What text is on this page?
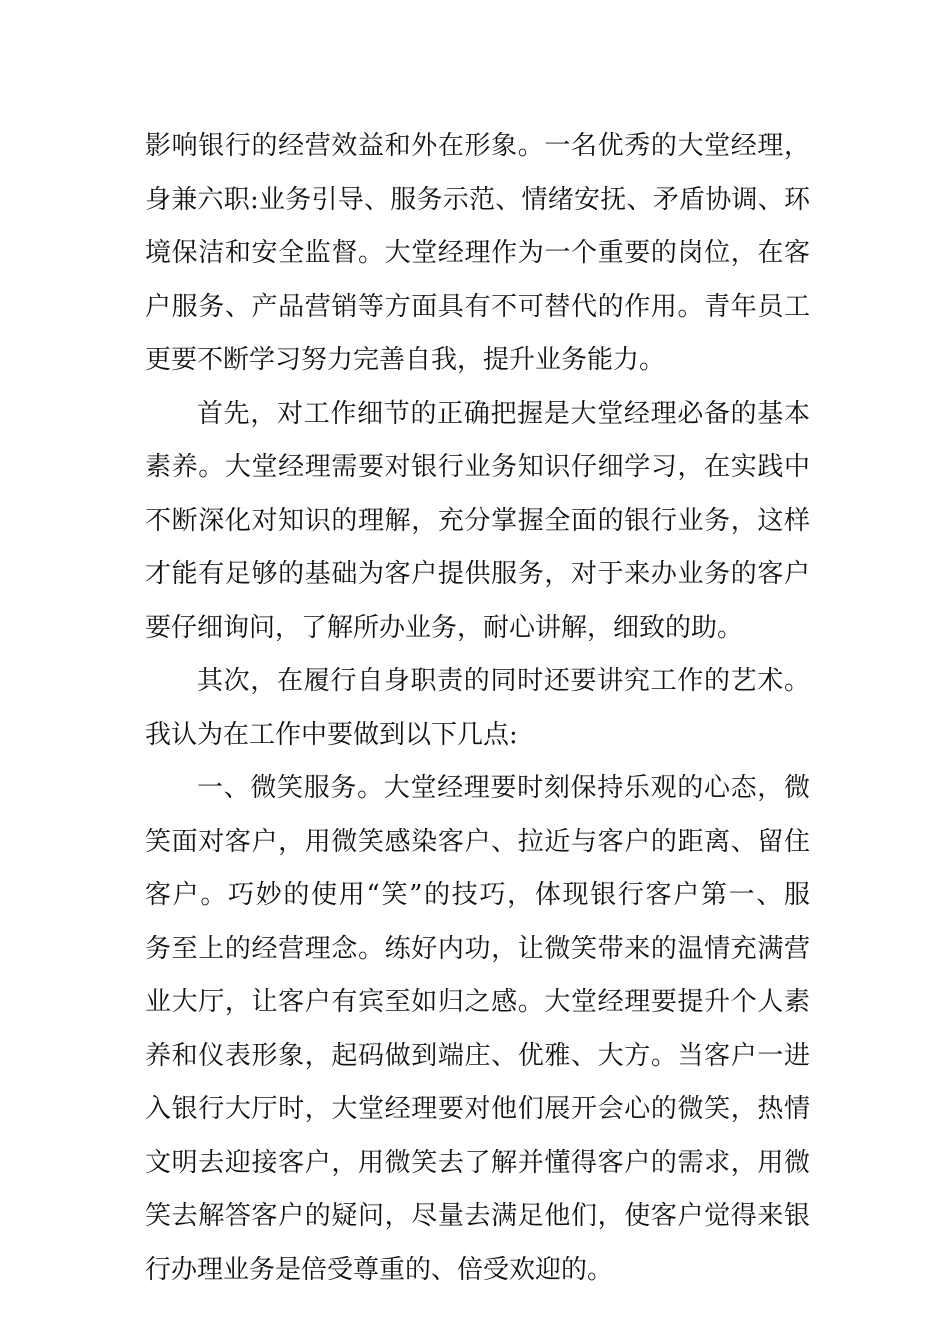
影响银行的经营效益和外在形象。一名优秀的大堂经理，
身兼六职:业务引导、服务示范、情绪安抚、矛盾协调、环
境保洁和安全监督。大堂经理作为一个重要的岗位，在客
户服务、产品营销等方面具有不可替代的作用。青年员工
更要不断学习努力完善自我，提升业务能力。
首先，对工作细节的正确把握是大堂经理必备的基本
素养。大堂经理需要对银行业务知识仔细学习，在实践中
不断深化对知识的理解，充分掌握全面的银行业务，这样
才能有足够的基础为客户提供服务，对于来办业务的客户
要仔细询问，了解所办业务，耐心讲解，细致的助。
其次，在履行自身职责的同时还要讲究工作的艺术。
我认为在工作中要做到以下几点:
一、微笑服务。大堂经理要时刻保持乐观的心态，微
笑面对客户，用微笑感染客户、拉近与客户的距离、留住
客户。巧妙的使用“笑”的技巧，体现银行客户第一、服
务至上的经营理念。练好内功，让微笑带来的温情充满营
业大厅，让客户有宾至如归之感。大堂经理要提升个人素
养和仪表形象，起码做到端庄、优雅、大方。当客户一进
入银行大厅时，大堂经理要对他们展开会心的微笑，热情
文明去迎接客户，用微笑去了解并懂得客户的需求，用微
笑去解答客户的疑问，尽量去满足他们，使客户觉得来银
行办理业务是倍受尊重的、倍受欢迎的。
